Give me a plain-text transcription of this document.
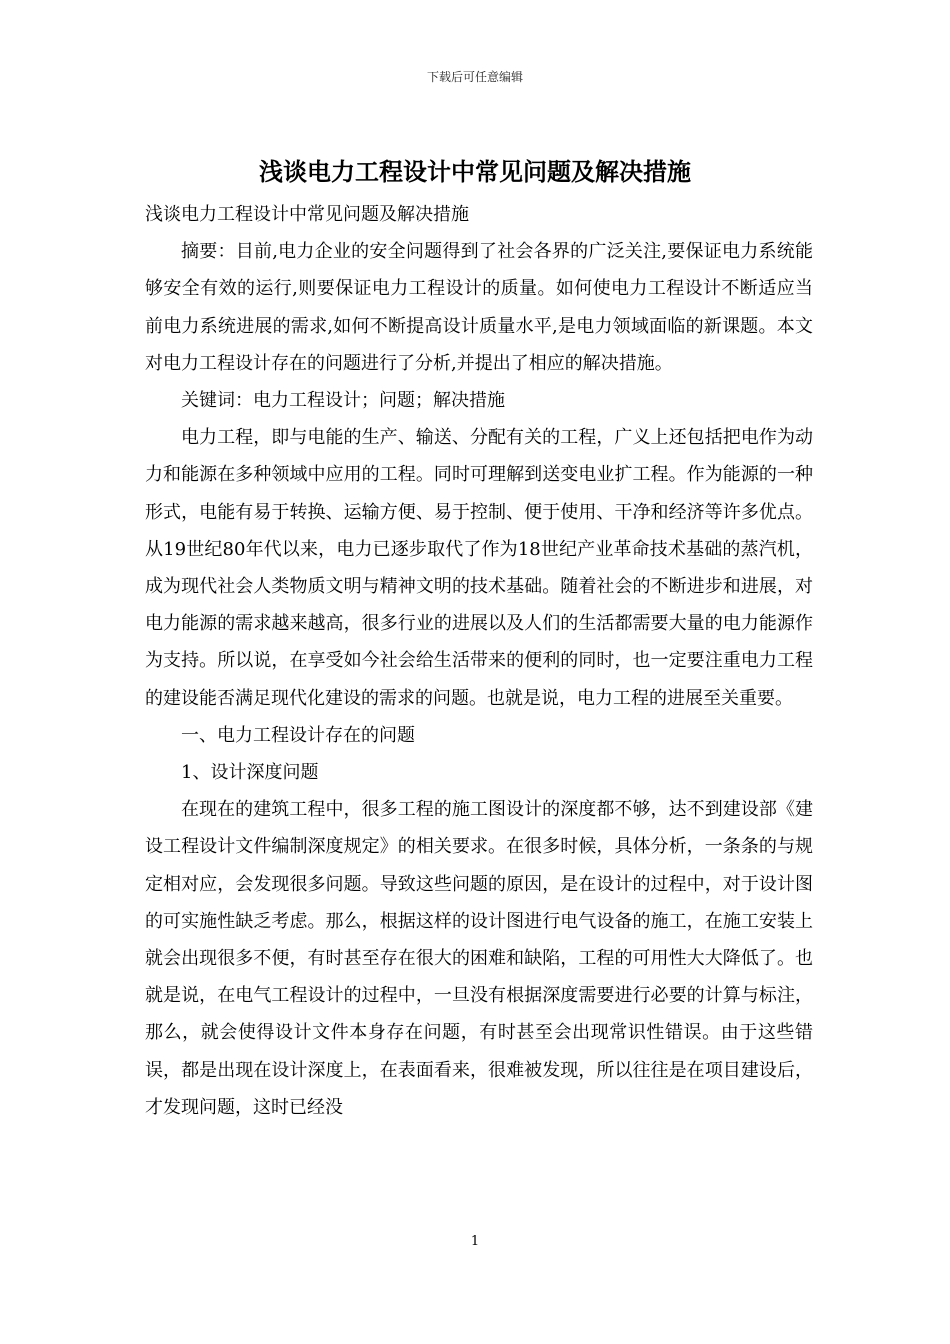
下载后可任意编辑
浅谈电力工程设计中常见问题及解决措施

浅谈电力工程设计中常见问题及解决措施

摘要：目前,电力企业的安全问题得到了社会各界的广泛关注,要保证电力系统能够安全有效的运行,则要保证电力工程设计的质量。如何使电力工程设计不断适应当前电力系统进展的需求,如何不断提高设计质量水平,是电力领域面临的新课题。本文对电力工程设计存在的问题进行了分析,并提出了相应的解决措施。

关键词：电力工程设计；问题；解决措施

电力工程，即与电能的生产、输送、分配有关的工程，广义上还包括把电作为动力和能源在多种领域中应用的工程。同时可理解到送变电业扩工程。作为能源的一种形式，电能有易于转换、运输方便、易于控制、便于使用、干净和经济等许多优点。从19世纪80年代以来，电力已逐步取代了作为18世纪产业革命技术基础的蒸汽机，成为现代社会人类物质文明与精神文明的技术基础。随着社会的不断进步和进展，对电力能源的需求越来越高，很多行业的进展以及人们的生活都需要大量的电力能源作为支持。所以说，在享受如今社会给生活带来的便利的同时，也一定要注重电力工程的建设能否满足现代化建设的需求的问题。也就是说，电力工程的进展至关重要。

一、电力工程设计存在的问题

1、设计深度问题

在现在的建筑工程中，很多工程的施工图设计的深度都不够，达不到建设部《建设工程设计文件编制深度规定》的相关要求。在很多时候，具体分析，一条条的与规定相对应，会发现很多问题。导致这些问题的原因，是在设计的过程中，对于设计图的可实施性缺乏考虑。那么，根据这样的设计图进行电气设备的施工，在施工安装上就会出现很多不便，有时甚至存在很大的困难和缺陷，工程的可用性大大降低了。也就是说，在电气工程设计的过程中，一旦没有根据深度需要进行必要的计算与标注，那么，就会使得设计文件本身存在问题，有时甚至会出现常识性错误。由于这些错误，都是出现在设计深度上，在表面看来，很难被发现，所以往往是在项目建设后，才发现问题，这时已经没

1
